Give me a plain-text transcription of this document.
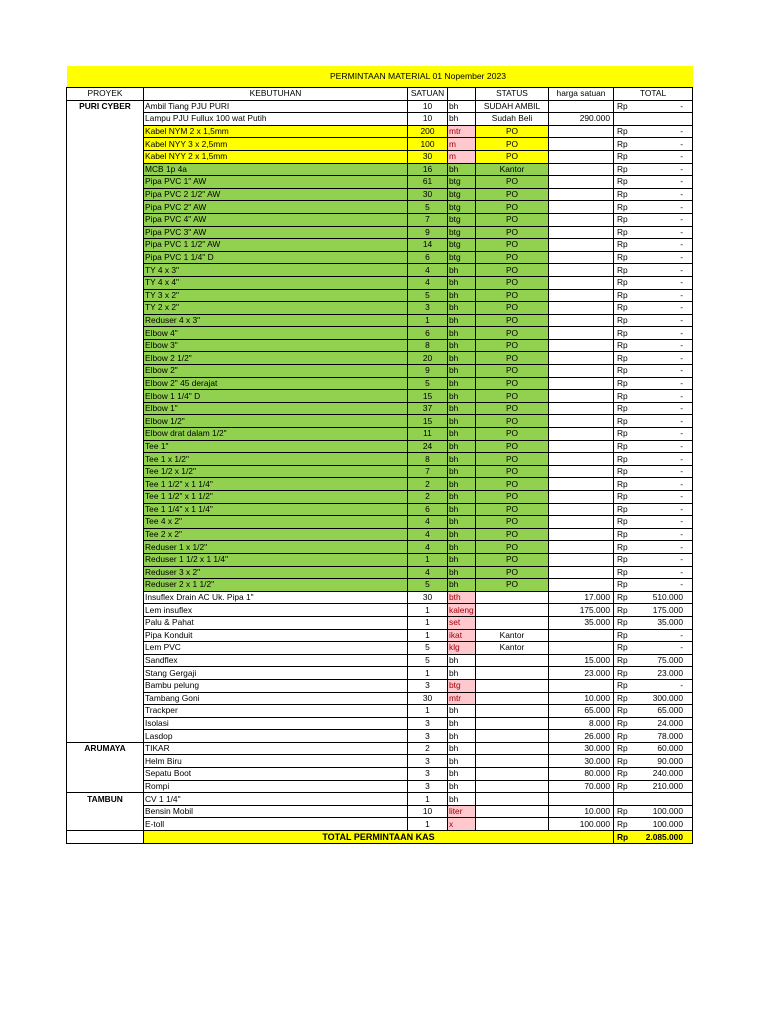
	PERMINTAAN MATERIAL 01 Nopember 2023						
PROYEK	KEBUTUHAN	SATUAN		STATUS	harga satuan	TOTAL	
PURI CYBER	Ambil Tiang PJU PURI	10	bh	SUDAH AMBIL		Rp	-
	Lampu PJU Fullux 100 wat Putih	10	bh	Sudah Beli	290.000		
	Kabel NYM 2 x 1,5mm	200	mtr	PO		Rp	-
	Kabel NYY 3 x 2,5mm	100	m	PO		Rp	-
	Kabel NYY 2 x 1,5mm	30	m	PO		Rp	-
	MCB 1p 4a	16	bh	Kantor		Rp	-
	Pipa PVC 1" AW	61	btg	PO		Rp	-
	Pipa PVC 2 1/2" AW	30	btg	PO		Rp	-
	Pipa PVC 2" AW	5	btg	PO		Rp	-
	Pipa PVC 4" AW	7	btg	PO		Rp	-
	Pipa PVC 3" AW	9	btg	PO		Rp	-
	Pipa PVC 1 1/2" AW	14	btg	PO		Rp	-
	Pipa PVC 1 1/4" D	6	btg	PO		Rp	-
	TY 4 x 3"	4	bh	PO		Rp	-
	TY 4 x 4"	4	bh	PO		Rp	-
	TY 3 x 2"	5	bh	PO		Rp	-
	TY 2 x 2"	3	bh	PO		Rp	-
	Reduser 4 x 3"	1	bh	PO		Rp	-
	Elbow 4"	6	bh	PO		Rp	-
	Elbow 3"	8	bh	PO		Rp	-
	Elbow 2 1/2"	20	bh	PO		Rp	-
	Elbow 2"	9	bh	PO		Rp	-
	Elbow 2" 45 derajat	5	bh	PO		Rp	-
	Elbow 1 1/4" D	15	bh	PO		Rp	-
	Elbow 1"	37	bh	PO		Rp	-
	Elbow 1/2"	15	bh	PO		Rp	-
	Elbow drat dalam 1/2"	11	bh	PO		Rp	-
	Tee 1"	24	bh	PO		Rp	-
	Tee 1 x 1/2"	8	bh	PO		Rp	-
	Tee 1/2 x 1/2"	7	bh	PO		Rp	-
	Tee 1 1/2" x 1 1/4"	2	bh	PO		Rp	-
	Tee 1 1/2" x 1 1/2"	2	bh	PO		Rp	-
	Tee 1 1/4" x 1 1/4"	6	bh	PO		Rp	-
	Tee 4 x 2"	4	bh	PO		Rp	-
	Tee 2 x 2"	4	bh	PO		Rp	-
	Reduser 1 x 1/2"	4	bh	PO		Rp	-
	Reduser 1 1/2 x 1 1/4"	1	bh	PO		Rp	-
	Reduser 3 x 2"	4	bh	PO		Rp	-
	Reduser 2 x 1 1/2"	5	bh	PO		Rp	-
	Insuflex Drain AC Uk. Pipa 1"	30	bth		17.000	Rp	510.000
	Lem insuflex	1	kaleng		175.000	Rp	175.000
	Palu & Pahat	1	set		35.000	Rp	35.000
	Pipa Konduit	1	ikat	Kantor		Rp	-
	Lem PVC	5	klg	Kantor		Rp	-
	Sandflex	5	bh		15.000	Rp	75.000
	Stang Gergaji	1	bh		23.000	Rp	23.000
	Bambu pelung	3	btg			Rp	-
	Tambang Goni	30	mtr		10.000	Rp	300.000
	Trackper	1	bh		65.000	Rp	65.000
	Isolasi	3	bh		8.000	Rp	24.000
	Lasdop	3	bh		26.000	Rp	78.000
ARUMAYA	TIKAR	2	bh		30.000	Rp	60.000
	Helm Biru	3	bh		30.000	Rp	90.000
	Sepatu Boot	3	bh		80.000	Rp	240.000
	Rompi	3	bh		70.000	Rp	210.000
TAMBUN	CV 1 1/4"	1	bh				
	Bensin Mobil	10	liter		10.000	Rp	100.000
	E-toll	1	x		100.000	Rp	100.000
	TOTAL PERMINTAAN KAS					Rp	2.085.000
